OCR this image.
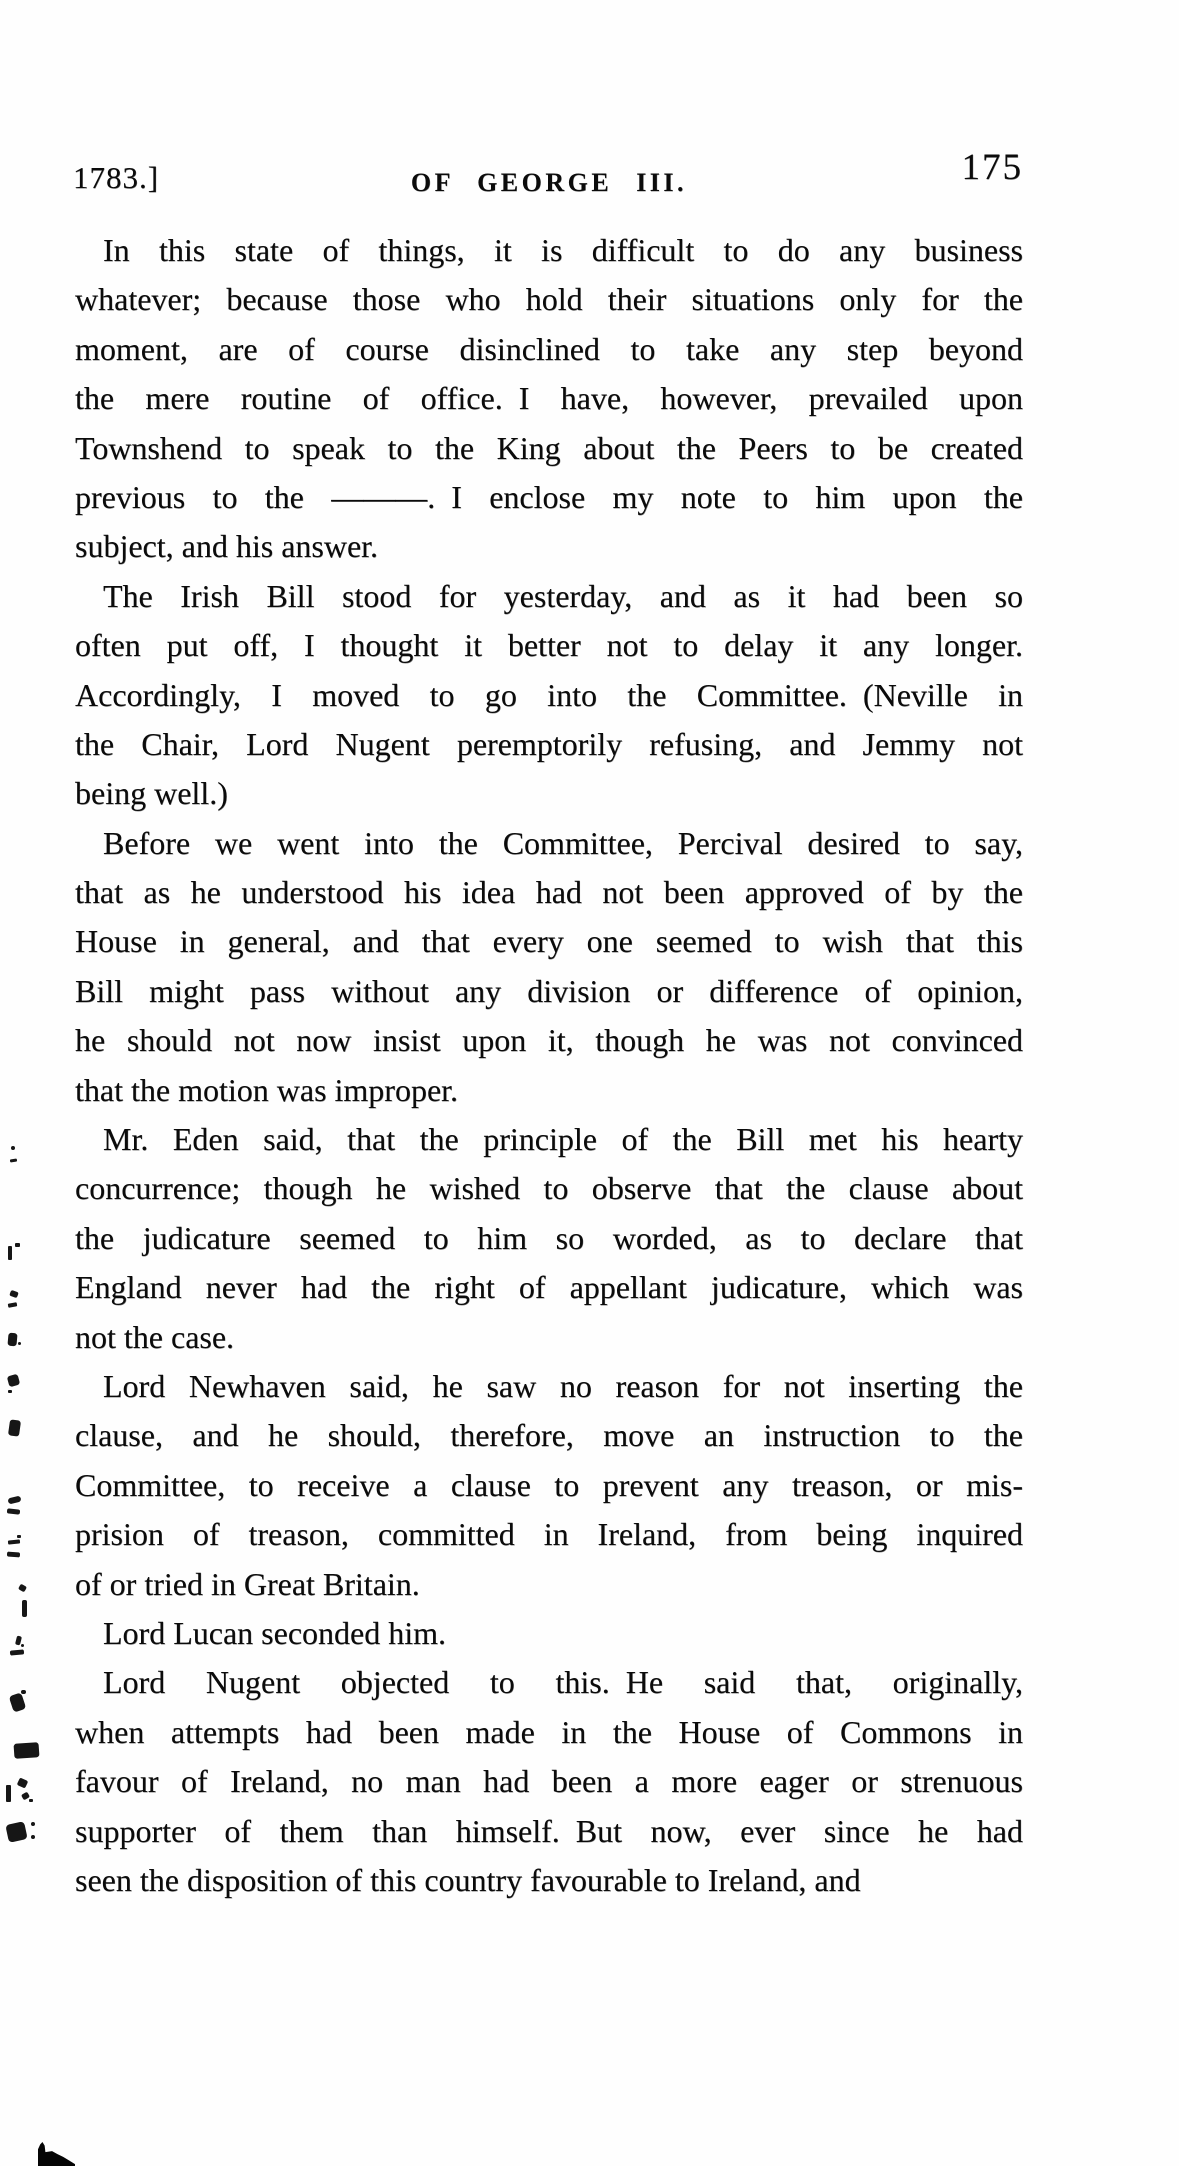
1783.]	OF GEORGE III.	175
In this state of things, it is difficult to do any business
whatever; because those who hold their situations only for the
moment, are of course disinclined to take any step beyond
the mere routine of office. I have, however, prevailed upon
Townshend to speak to the King about the Peers to be created
previous to the ———. I enclose my note to him upon the
subject, and his answer.
The Irish Bill stood for yesterday, and as it had been so
often put off, I thought it better not to delay it any longer.
Accordingly, I moved to go into the Committee. (Neville in
the Chair, Lord Nugent peremptorily refusing, and Jemmy not
being well.)
Before we went into the Committee, Percival desired to say,
that as he understood his idea had not been approved of by the
House in general, and that every one seemed to wish that this
Bill might pass without any division or difference of opinion,
he should not now insist upon it, though he was not convinced
that the motion was improper.
Mr. Eden said, that the principle of the Bill met his hearty
concurrence; though he wished to observe that the clause about
the judicature seemed to him so worded, as to declare that
England never had the right of appellant judicature, which was
not the case.
Lord Newhaven said, he saw no reason for not inserting the
clause, and he should, therefore, move an instruction to the
Committee, to receive a clause to prevent any treason, or mis-
prision of treason, committed in Ireland, from being inquired
of or tried in Great Britain.
Lord Lucan seconded him.
Lord Nugent objected to this. He said that, originally,
when attempts had been made in the House of Commons in
favour of Ireland, no man had been a more eager or strenuous
supporter of them than himself. But now, ever since he had
seen the disposition of this country favourable to Ireland, and
